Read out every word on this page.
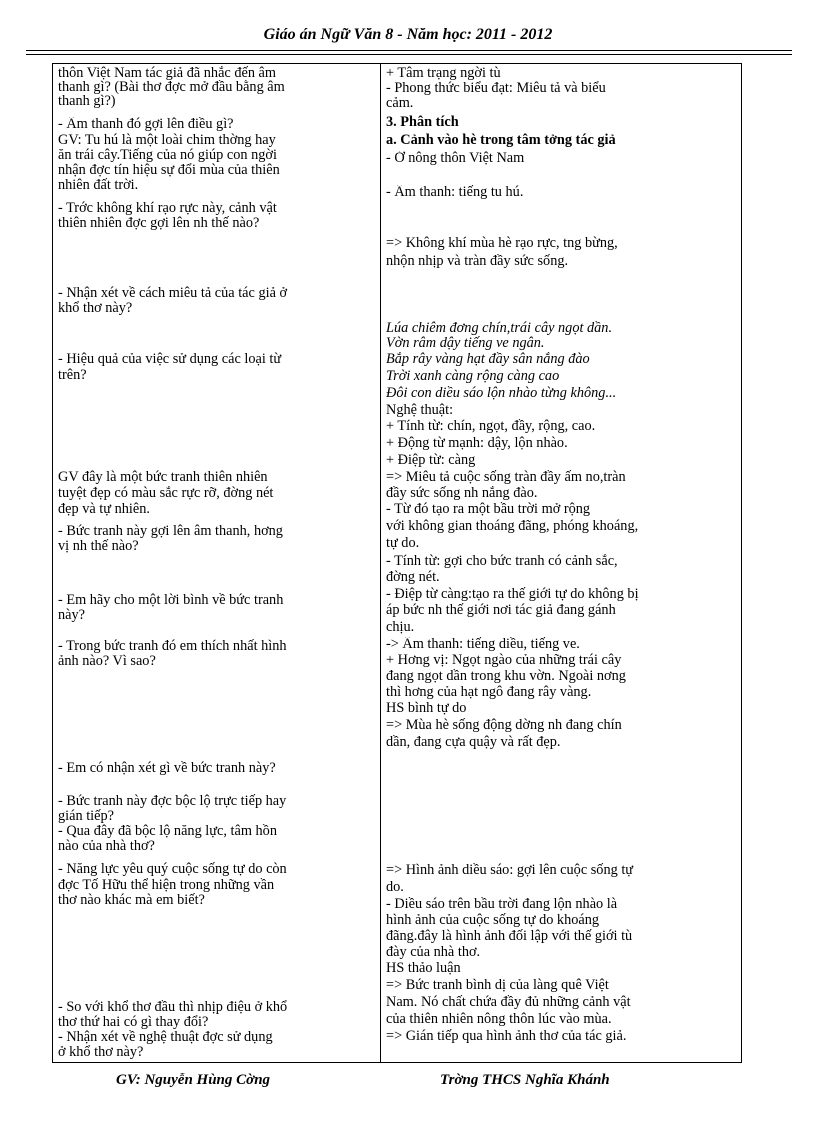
Giáo án Ngữ Văn 8 - Năm học: 2011 - 2012
thôn Việt Nam tác giả đã nhắc đến âm
thanh gì? (Bài thơ đợc mở đầu bằng âm
thanh gì?)
- Âm thanh đó gợi lên điều gì?
GV: Tu hú là một loài chim thờng hay
ăn trái cây.Tiếng của nó giúp con ngời
nhận đợc tín hiệu sự đổi mùa của thiên
nhiên đất trời.
- Trớc không khí rạo rực này, cảnh vật
thiên nhiên đợc gợi lên nh thế nào?
- Nhận xét về cách miêu tả của tác giả ở
khổ thơ này?
- Hiệu quả của việc sử dụng các loại từ
trên?
GV đây là một bức tranh thiên nhiên
tuyệt đẹp có màu sắc rực rỡ, đờng nét
đẹp và tự nhiên.
- Bức tranh này gợi lên âm thanh, hơng
vị nh thế nào?
- Em hãy cho một lời bình về bức tranh
này?
- Trong bức tranh đó em thích nhất hình
ảnh nào? Vì sao?
- Em có nhận xét gì về bức tranh này?
- Bức tranh này đợc bộc lộ trực tiếp hay
gián tiếp?
- Qua đây đã bộc lộ năng lực, tâm hồn
nào của nhà thơ?
- Năng lực yêu quý cuộc sống tự do còn
đợc Tố Hữu thể hiện trong những vần
thơ nào khác mà em biết?
- So với khổ thơ đầu thì nhịp điệu ở khổ
thơ thứ hai có gì thay đổi?
- Nhận xét về nghệ thuật đợc sử dụng
ở khổ thơ này?
+ Tâm trạng ngời tù
- Phong thức biểu đạt: Miêu tả và biểu
cảm.
3. Phân tích
a. Cảnh vào hè trong tâm tởng tác giả
- Ở nông thôn Việt Nam
- Âm thanh: tiếng tu hú.
=> Không khí mùa hè rạo rực, tng bừng,
nhộn nhịp và tràn đầy sức sống.
Lúa chiêm đơng chín,trái cây ngọt dần.
Vờn râm dậy tiếng ve ngân.
Bắp rây vàng hạt đầy sân nắng đào
Trời xanh càng rộng càng cao
Đôi con diều sáo lộn nhào từng không...
Nghệ thuật:
+ Tính từ: chín, ngọt, đầy, rộng, cao.
+ Động từ mạnh: dậy, lộn nhào.
+ Điệp từ: càng
=> Miêu tả cuộc sống tràn đầy ấm no,tràn
đầy sức sống nh nắng đào.
- Từ đó tạo ra một bầu trời mở rộng
với không gian thoáng đãng, phóng khoáng,
tự do.
- Tính từ: gợi cho bức tranh có cảnh sắc,
đờng nét.
- Điệp từ càng:tạo ra thế giới tự do không bị
áp bức nh thế giới nơi tác giả đang gánh
chịu.
-> Âm thanh: tiếng diều, tiếng ve.
+ Hơng vị: Ngọt ngào của những trái cây
đang ngọt dần trong khu vờn. Ngoài nơng
thì hơng của hạt ngô đang rây vàng.
HS bình tự do
=> Mùa hè sống động dờng nh đang chín
dần, đang cựa quậy và rất đẹp.
=> Hình ảnh diều sáo: gợi lên cuộc sống tự
do.
- Diều sáo trên bầu trời đang lộn nhào là
hình ảnh của cuộc sống tự do khoáng
đãng.đây là hình ảnh đối lập với thế giới tù
đày của nhà thơ.
HS thảo luận
=> Bức tranh bình dị của làng quê Việt
Nam. Nó chất chứa đầy đủ những cảnh vật
của thiên nhiên nông thôn lúc vào mùa.
=> Gián tiếp qua hình ảnh thơ của tác giả.
GV: Nguyễn Hùng Cờng	Trờng THCS Nghĩa Khánh
